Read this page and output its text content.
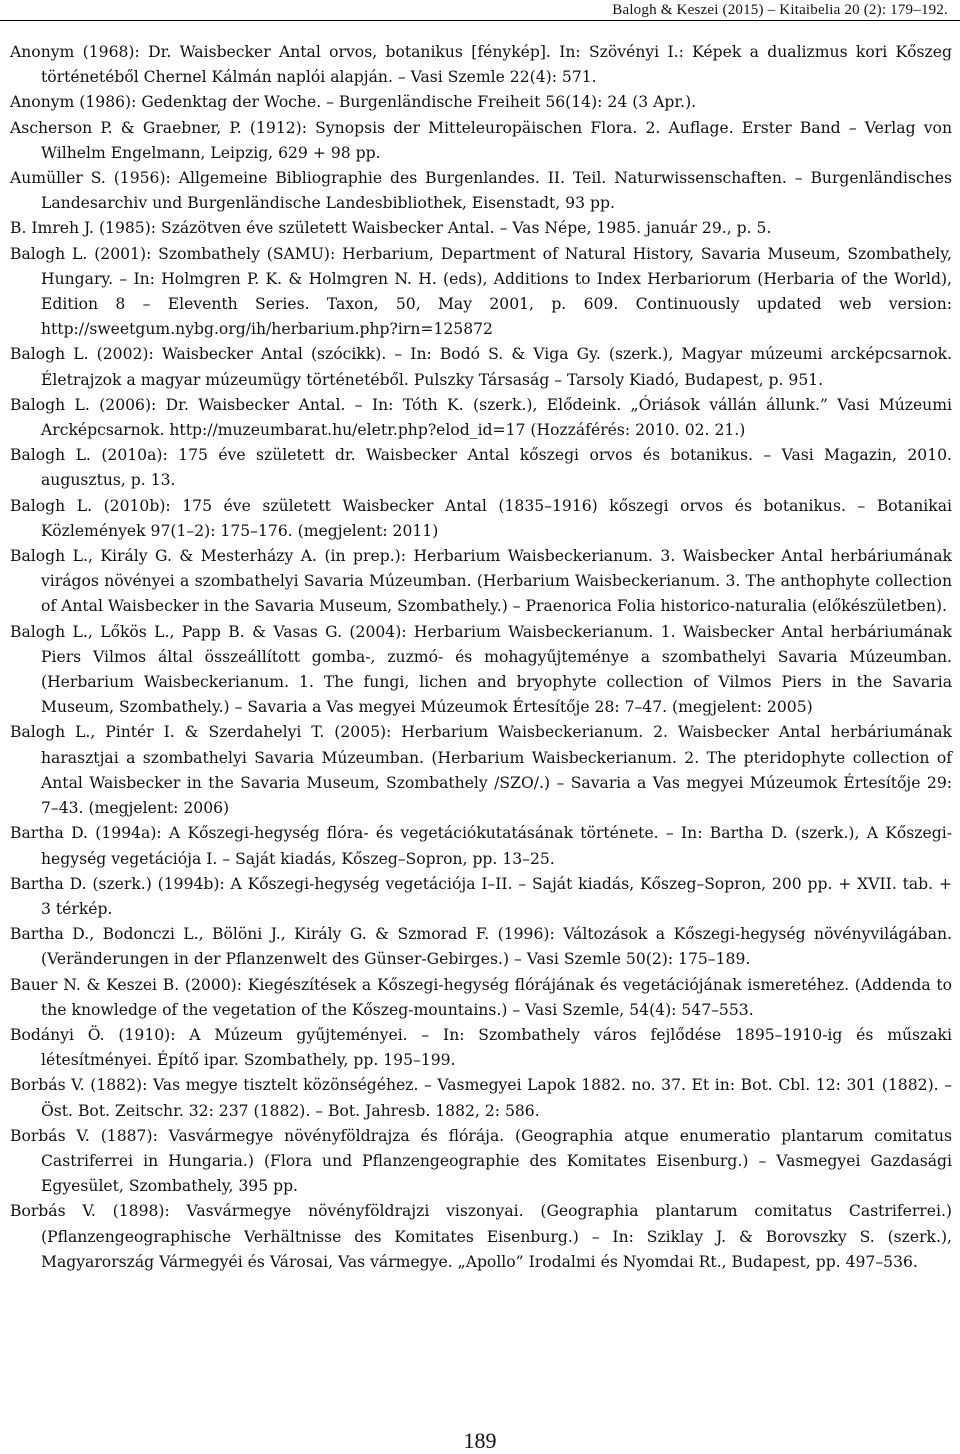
Balogh & Keszei (2015) – Kitaibelia 20 (2): 179–192.

Anonym (1968): Dr. Waisbecker Antal orvos, botanikus [fénykép]. In: Szövényi I.: Képek a dualizmus kori Kőszeg történetéből Chernel Kálmán naplói alapján. – Vasi Szemle 22(4): 571.

Anonym (1986): Gedenktag der Woche. – Burgenländische Freiheit 56(14): 24 (3 Apr.).

Ascherson P. & Graebner, P. (1912): Synopsis der Mitteleuropäischen Flora. 2. Auflage. Erster Band – Verlag von Wilhelm Engelmann, Leipzig, 629 + 98 pp.

Aumüller S. (1956): Allgemeine Bibliographie des Burgenlandes. II. Teil. Naturwissenschaften. – Burgenländisches Landesarchiv und Burgenländische Landesbibliothek, Eisenstadt, 93 pp.

B. Imreh J. (1985): Százötven éve született Waisbecker Antal. – Vas Népe, 1985. január 29., p. 5.

Balogh L. (2001): Szombathely (SAMU): Herbarium, Department of Natural History, Savaria Museum, Szombathely, Hungary. – In: Holmgren P. K. & Holmgren N. H. (eds), Additions to Index Herbariorum (Herbaria of the World), Edition 8 – Eleventh Series. Taxon, 50, May 2001, p. 609. Continuously updated web version: http://sweetgum.nybg.org/ih/herbarium.php?irn=125872

Balogh L. (2002): Waisbecker Antal (szócikk). – In: Bodó S. & Viga Gy. (szerk.), Magyar múzeumi arcképcsarnok. Életrajzok a magyar múzeumügy történetéből. Pulszky Társaság – Tarsoly Kiadó, Budapest, p. 951.

Balogh L. (2006): Dr. Waisbecker Antal. – In: Tóth K. (szerk.), Elődeink. „Óriások vállán állunk.” Vasi Múzeumi Arcképcsarnok. http://muzeumbarat.hu/eletr.php?elod_id=17 (Hozzáférés: 2010. 02. 21.)

Balogh L. (2010a): 175 éve született dr. Waisbecker Antal kőszegi orvos és botanikus. – Vasi Magazin, 2010. augusztus, p. 13.

Balogh L. (2010b): 175 éve született Waisbecker Antal (1835–1916) kőszegi orvos és botanikus. – Botanikai Közlemények 97(1–2): 175–176. (megjelent: 2011)

Balogh L., Király G. & Mesterházy A. (in prep.): Herbarium Waisbeckerianum. 3. Waisbecker Antal herbáriumának virágos növényei a szombathelyi Savaria Múzeumban. (Herbarium Waisbeckerianum. 3. The anthophyte collection of Antal Waisbecker in the Savaria Museum, Szombathely.) – Praenorica Folia historico-naturalia (előkészületben).

Balogh L., Lőkös L., Papp B. & Vasas G. (2004): Herbarium Waisbeckerianum. 1. Waisbecker Antal herbáriumának Piers Vilmos által összeállított gomba-, zuzmó- és mohagyűjteménye a szombathelyi Savaria Múzeumban. (Herbarium Waisbeckerianum. 1. The fungi, lichen and bryophyte collection of Vilmos Piers in the Savaria Museum, Szombathely.) – Savaria a Vas megyei Múzeumok Értesítője 28: 7–47. (megjelent: 2005)

Balogh L., Pintér I. & Szerdahelyi T. (2005): Herbarium Waisbeckerianum. 2. Waisbecker Antal herbáriumának harasztjai a szombathelyi Savaria Múzeumban. (Herbarium Waisbeckerianum. 2. The pteridophyte collection of Antal Waisbecker in the Savaria Museum, Szombathely /SZO/.) – Savaria a Vas megyei Múzeumok Értesítője 29: 7–43. (megjelent: 2006)

Bartha D. (1994a): A Kőszegi-hegység flóra- és vegetációkutatásának története. – In: Bartha D. (szerk.), A Kőszegi-hegység vegetációja I. – Saját kiadás, Kőszeg–Sopron, pp. 13–25.

Bartha D. (szerk.) (1994b): A Kőszegi-hegység vegetációja I–II. – Saját kiadás, Kőszeg–Sopron, 200 pp. + XVII. tab. + 3 térkép.

Bartha D., Bodonczi L., Bölöni J., Király G. & Szmorad F. (1996): Változások a Kőszegi-hegység növényvilágában. (Veränderungen in der Pflanzenwelt des Günser-Gebirges.) – Vasi Szemle 50(2): 175–189.

Bauer N. & Keszei B. (2000): Kiegészítések a Kőszegi-hegység flórájának és vegetációjának ismeretéhez. (Addenda to the knowledge of the vegetation of the Kőszeg-mountains.) – Vasi Szemle, 54(4): 547–553.

Bodányi Ö. (1910): A Múzeum gyűjteményei. – In: Szombathely város fejlődése 1895–1910-ig és műszaki létesítményei. Építő ipar. Szombathely, pp. 195–199.

Borbás V. (1882): Vas megye tisztelt közönségéhez. – Vasmegyei Lapok 1882. no. 37. Et in: Bot. Cbl. 12: 301 (1882). – Öst. Bot. Zeitschr. 32: 237 (1882). – Bot. Jahresb. 1882, 2: 586.

Borbás V. (1887): Vasvármegye növényföldrajza és flórája. (Geographia atque enumeratio plantarum comitatus Castriferrei in Hungaria.) (Flora und Pflanzengeographie des Komitates Eisenburg.) – Vasmegyei Gazdasági Egyesület, Szombathely, 395 pp.

Borbás V. (1898): Vasvármegye növényföldrajzi viszonyai. (Geographia plantarum comitatus Castriferrei.) (Pflanzengeographische Verhältnisse des Komitates Eisenburg.) – In: Sziklay J. & Borovszky S. (szerk.), Magyarország Vármegyéi és Városai, Vas vármegye. „Apollo” Irodalmi és Nyomdai Rt., Budapest, pp. 497–536.

189
